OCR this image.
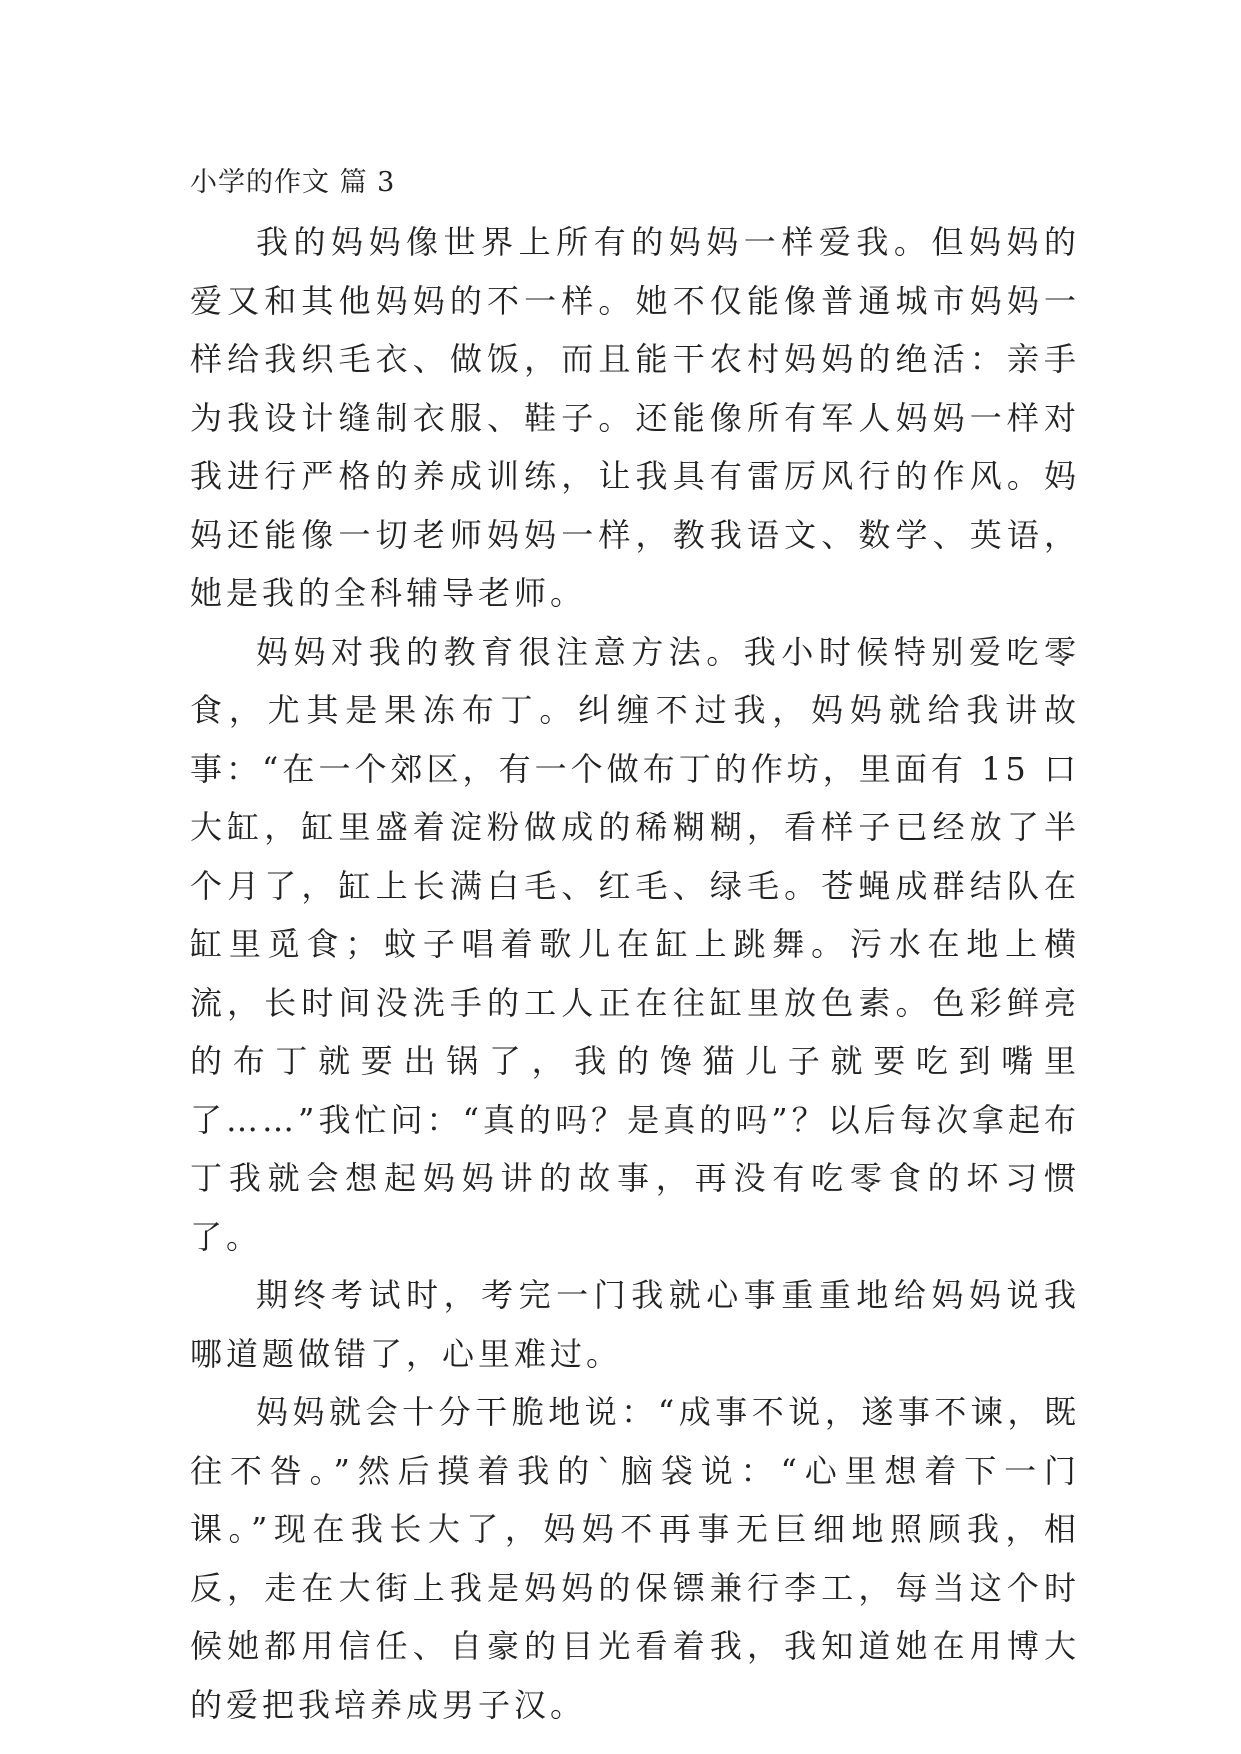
小学的作文 篇 3

我的妈妈像世界上所有的妈妈一样爱我。但妈妈的爱又和其他妈妈的不一样。她不仅能像普通城市妈妈一样给我织毛衣、做饭，而且能干农村妈妈的绝活：亲手为我设计缝制衣服、鞋子。还能像所有军人妈妈一样对我进行严格的养成训练，让我具有雷厉风行的作风。妈妈还能像一切老师妈妈一样，教我语文、数学、英语，她是我的全科辅导老师。

妈妈对我的教育很注意方法。我小时候特别爱吃零食，尤其是果冻布丁。纠缠不过我，妈妈就给我讲故事：“在一个郊区，有一个做布丁的作坊，里面有 15 口大缸，缸里盛着淀粉做成的稀糊糊，看样子已经放了半个月了，缸上长满白毛、红毛、绿毛。苍蝇成群结队在缸里觅食；蚊子唱着歌儿在缸上跳舞。污水在地上横流，长时间没洗手的工人正在往缸里放色素。色彩鲜亮的布丁就要出锅了，我的馋猫儿子就要吃到嘴里了……”我忙问：“真的吗？是真的吗”？以后每次拿起布丁我就会想起妈妈讲的故事，再没有吃零食的坏习惯了。

期终考试时，考完一门我就心事重重地给妈妈说我哪道题做错了，心里难过。

妈妈就会十分干脆地说：“成事不说，遂事不谏，既往不咎。”然后摸着我的`脑袋说：“心里想着下一门课。”现在我长大了，妈妈不再事无巨细地照顾我，相反，走在大街上我是妈妈的保镖兼行李工，每当这个时候她都用信任、自豪的目光看着我，我知道她在用博大的爱把我培养成男子汉。
